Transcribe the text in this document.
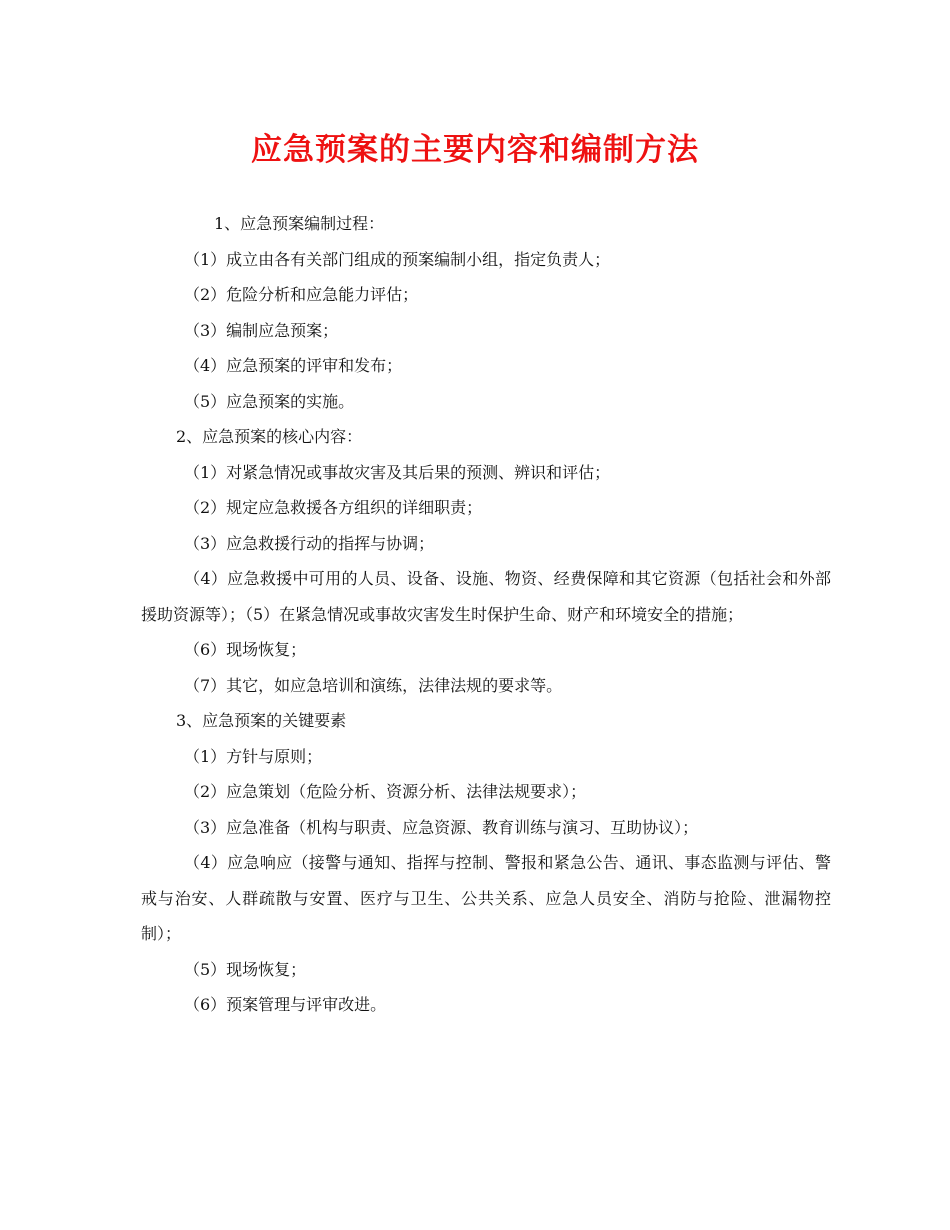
应急预案的主要内容和编制方法

1、应急预案编制过程：

（1）成立由各有关部门组成的预案编制小组，指定负责人；

（2）危险分析和应急能力评估；

（3）编制应急预案；

（4）应急预案的评审和发布；

（5）应急预案的实施。

2、应急预案的核心内容：

（1）对紧急情况或事故灾害及其后果的预测、辨识和评估；

（2）规定应急救援各方组织的详细职责；

（3）应急救援行动的指挥与协调；

（4）应急救援中可用的人员、设备、设施、物资、经费保障和其它资源（包括社会和外部援助资源等）；（5）在紧急情况或事故灾害发生时保护生命、财产和环境安全的措施；

（6）现场恢复；

（7）其它，如应急培训和演练，法律法规的要求等。

3、应急预案的关键要素

（1）方针与原则；

（2）应急策划（危险分析、资源分析、法律法规要求）；

（3）应急准备（机构与职责、应急资源、教育训练与演习、互助协议）；

（4）应急响应（接警与通知、指挥与控制、警报和紧急公告、通讯、事态监测与评估、警戒与治安、人群疏散与安置、医疗与卫生、公共关系、应急人员安全、消防与抢险、泄漏物控制）；

（5）现场恢复；

（6）预案管理与评审改进。
